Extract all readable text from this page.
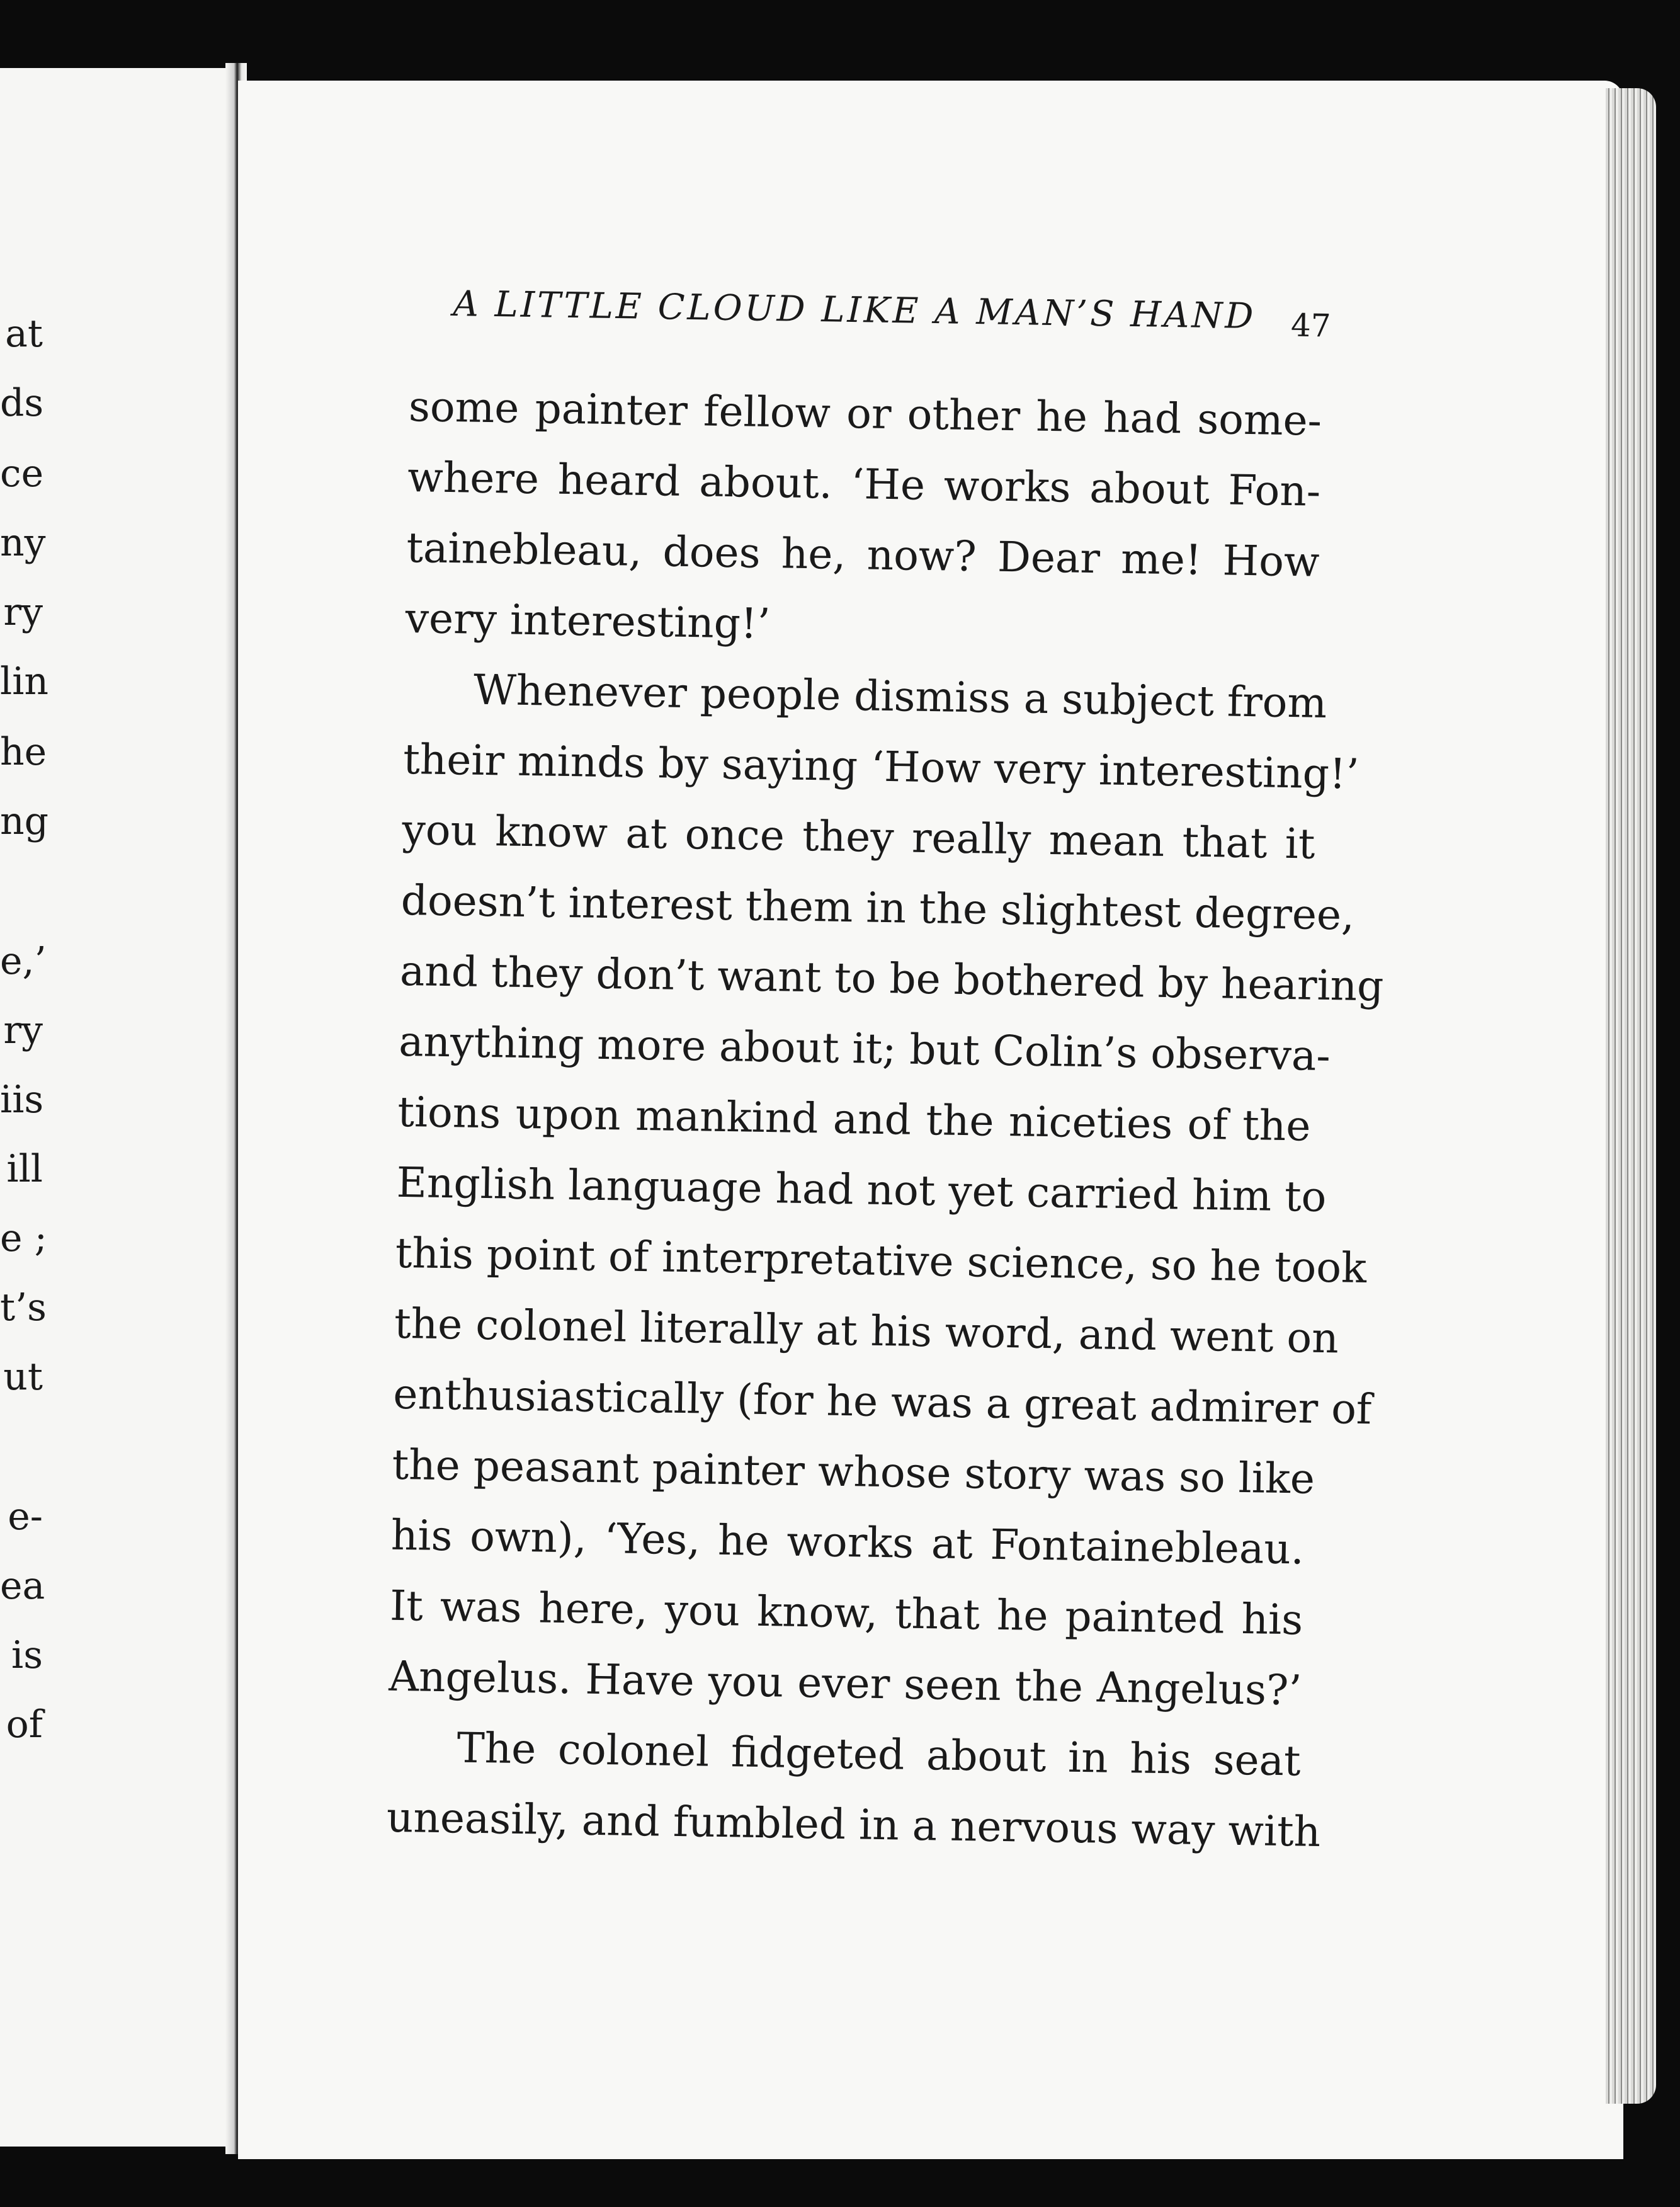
at
ds
ce
ny
ry
lin
he
ng
e,’
ry
iis
ill
e ;
t’s
ut
e-
ea
is
of
A LITTLE CLOUD LIKE A MAN’S HAND	47
some painter fellow or other he had some-
where heard about. ‘He works about Fon-
tainebleau, does he, now? Dear me! How
very interesting!’
Whenever people dismiss a subject from
their minds by saying ‘How very interesting!’
you know at once they really mean that it
doesn’t interest them in the slightest degree,
and they don’t want to be bothered by hearing
anything more about it; but Colin’s observa-
tions upon mankind and the niceties of the
English language had not yet carried him to
this point of interpretative science, so he took
the colonel literally at his word, and went on
enthusiastically (for he was a great admirer of
the peasant painter whose story was so like
his own), ‘Yes, he works at Fontainebleau.
It was here, you know, that he painted his
Angelus. Have you ever seen the Angelus?’
The colonel fidgeted about in his seat
uneasily, and fumbled in a nervous way with
